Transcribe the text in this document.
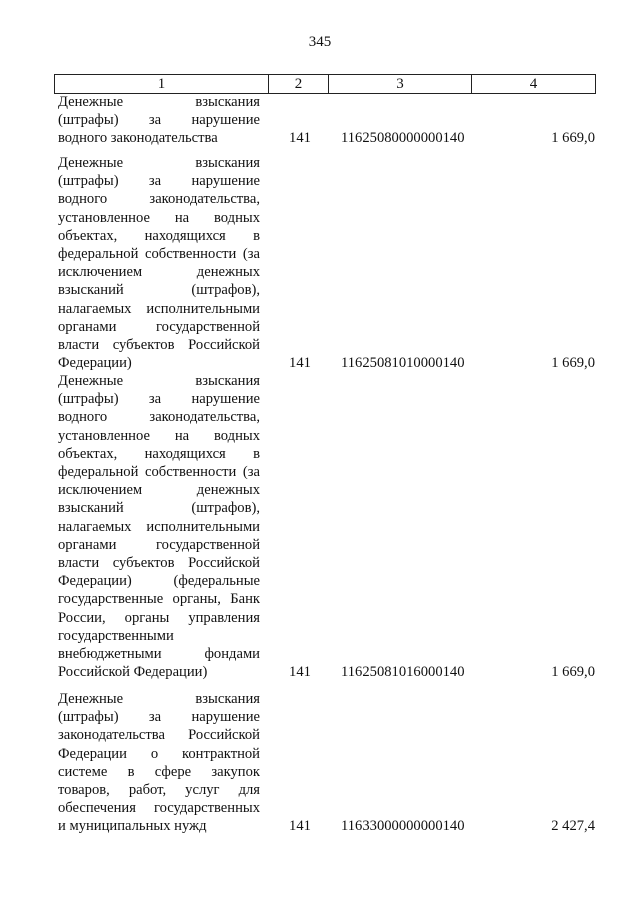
345
1	2	3	4
Денежные взыскания
(штрафы) за нарушение
водного законодательства	141 11625080000000140	1 669,0
Денежные взыскания
(штрафы) за нарушение
водного законодательства,
установленное на водных
объектах, находящихся в
федеральной собственности (за
исключением денежных
взысканий (штрафов),
налагаемых исполнительными
органами государственной
власти субъектов Российской
Федерации)	141 11625081010000140	1 669,0
Денежные взыскания
(штрафы) за нарушение
водного законодательства,
установленное на водных
объектах, находящихся в
федеральной собственности (за
исключением денежных
взысканий (штрафов),
налагаемых исполнительными
органами государственной
власти субъектов Российской
Федерации) (федеральные
государственные органы, Банк
России, органы управления
государственными
внебюджетными фондами
Российской Федерации)	141 11625081016000140	1 669,0
Денежные взыскания
(штрафы) за нарушение
законодательства Российской
Федерации о контрактной
системе в сфере закупок
товаров, работ, услуг для
обеспечения государственных
и муниципальных нужд	141 11633000000000140	2 427,4
